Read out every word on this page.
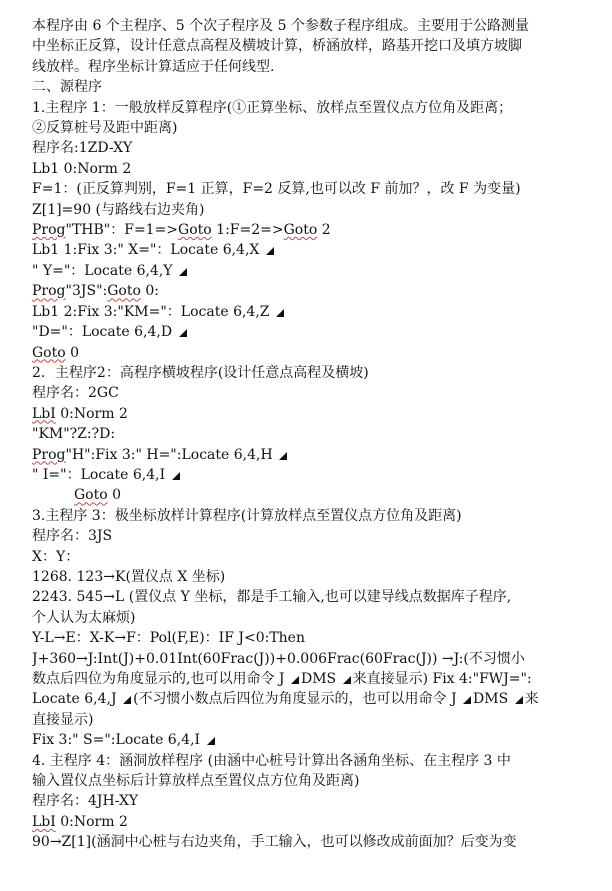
本程序由 6 个主程序、5 个次子程序及 5 个参数子程序组成。主要用于公路测量
中坐标正反算，设计任意点高程及横坡计算，桥涵放样，路基开挖口及填方坡脚
线放样。程序坐标计算适应于任何线型.
二、源程序
1.主程序 1：一般放样反算程序(①正算坐标、放样点至置仪点方位角及距离；
②反算桩号及距中距离)
程序名:1ZD-XY
Lb1 0:Norm 2
F=1：(正反算判别，F=1 正算，F=2 反算,也可以改 F 前加？，改 F 为变量)
Z[1]=90 (与路线右边夹角)
Prog"THB"：F=1=>Goto 1:F=2=>Goto 2
Lb1 1:Fix 3:" X="：Locate 6,4,X
" Y="：Locate 6,4,Y
Prog"3JS":Goto 0:
Lb1 2:Fix 3:"KM="：Locate 6,4,Z
"D="：Locate 6,4,D
Goto 0
2．主程序2：高程序横坡程序(设计任意点高程及横坡)
程序名：2GC
LbI 0:Norm 2
"KM"?Z:?D:
Prog"H":Fix 3:" H=":Locate 6,4,H
" I="：Locate 6,4,I
Goto 0
3.主程序 3：极坐标放样计算程序(计算放样点至置仪点方位角及距离)
程序名：3JS
X：Y：
1268. 123→K(置仪点 X 坐标)
2243. 545→L (置仪点 Y 坐标，都是手工输入,也可以建导线点数据库子程序,
个人认为太麻烦)
Y-L→E：X-K→F：Pol(F,E)：IF J<0:Then
J+360→J:Int(J)+0.01Int(60Frac(J))+0.006Frac(60Frac(J)) →J:(不习惯小
数点后四位为角度显示的,也可以用命令 J DMS 来直接显示) Fix 4:"FWJ=":
Locate 6,4,J (不习惯小数点后四位为角度显示的，也可以用命令 J DMS 来
直接显示)
Fix 3:" S=":Locate 6,4,I
4. 主程序 4：涵洞放样程序 (由涵中心桩号计算出各涵角坐标、在主程序 3 中
输入置仪点坐标后计算放样点至置仪点方位角及距离)
程序名：4JH-XY
LbI 0:Norm 2
90→Z[1](涵洞中心桩与右边夹角，手工输入，也可以修改成前面加？后变为变
